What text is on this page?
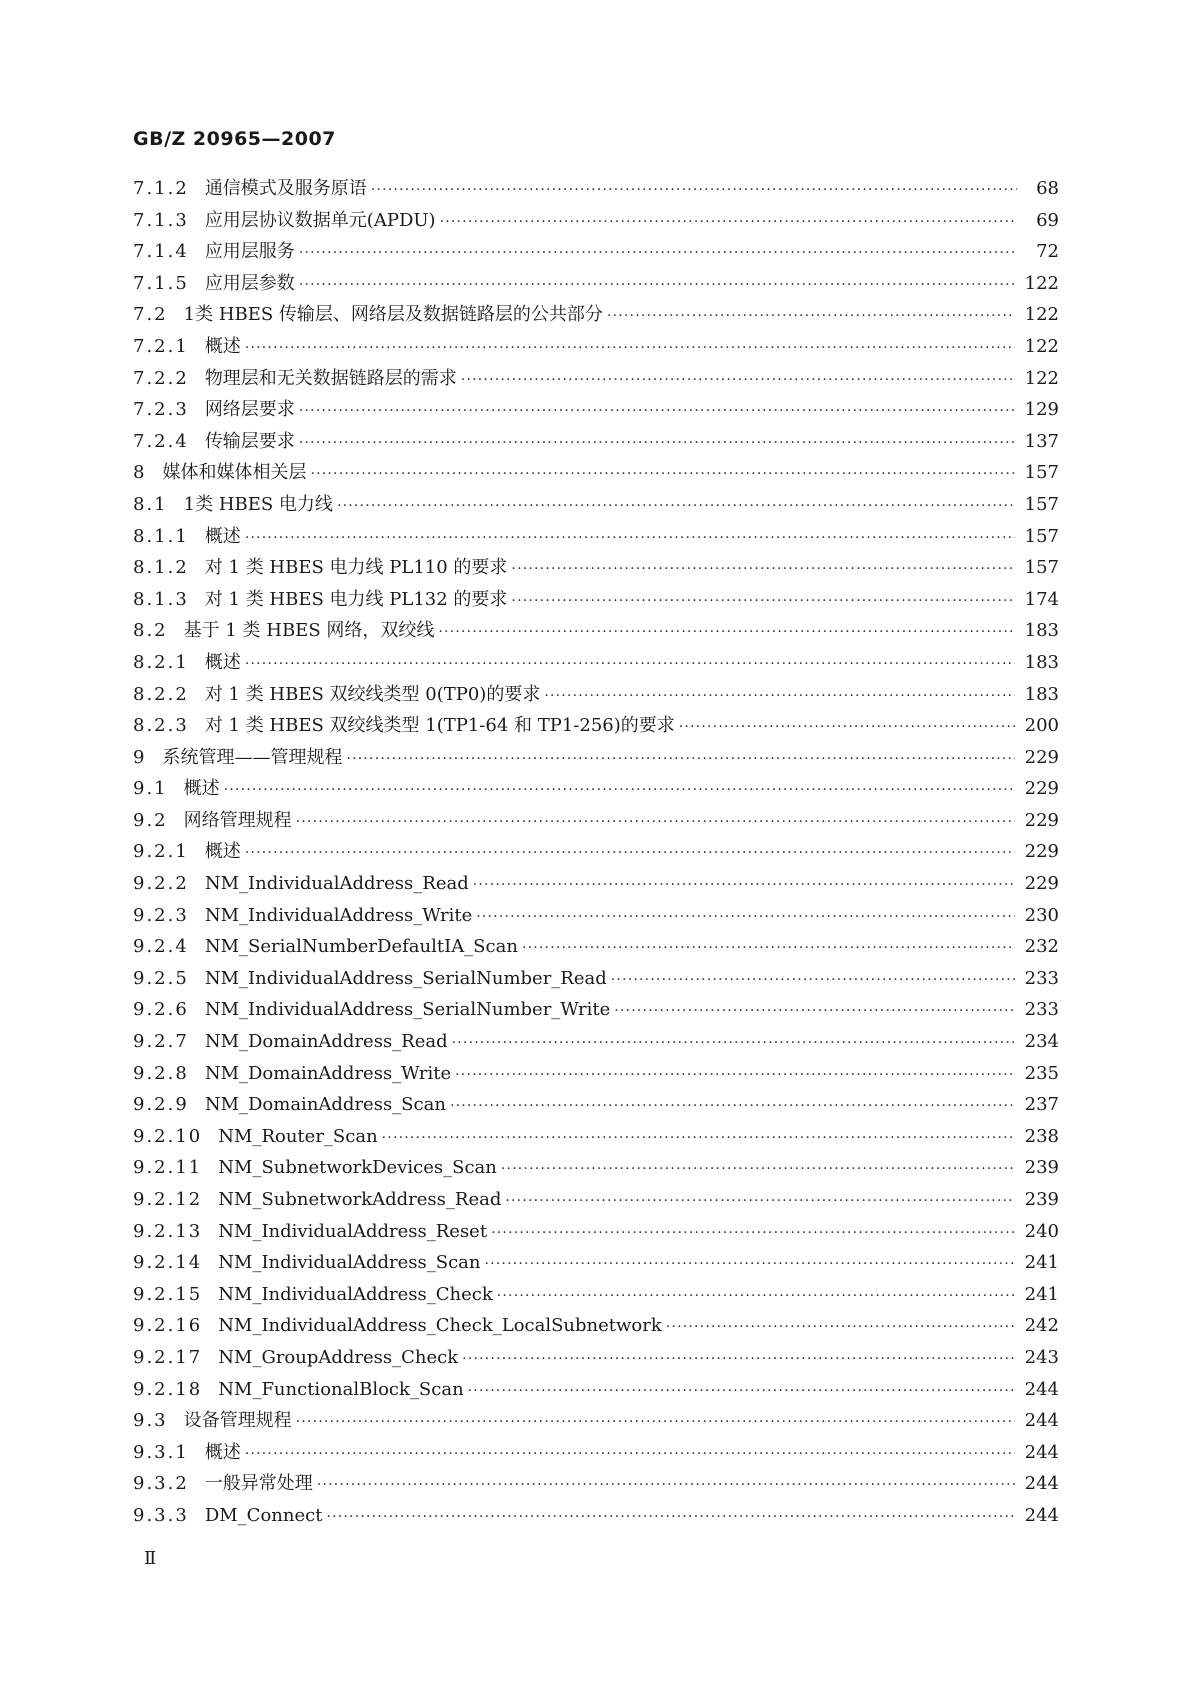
GB/Z 20965—2007
7.1.2 通信模式及服务原语 ·····	68
7.1.3 应用层协议数据单元(APDU) ·····	69
7.1.4 应用层服务 ·····	72
7.1.5 应用层参数 ·····	122
7.2 1类 HBES 传输层、网络层及数据链路层的公共部分 ·····	122
7.2.1 概述 ·····	122
7.2.2 物理层和无关数据链路层的需求 ·····	122
7.2.3 网络层要求 ·····	129
7.2.4 传输层要求 ·····	137
8 媒体和媒体相关层 ·····	157
8.1 1类 HBES 电力线 ·····	157
8.1.1 概述 ·····	157
8.1.2 对 1 类 HBES 电力线 PL110 的要求 ·····	157
8.1.3 对 1 类 HBES 电力线 PL132 的要求 ·····	174
8.2 基于 1 类 HBES 网络，双绞线 ·····	183
8.2.1 概述 ·····	183
8.2.2 对 1 类 HBES 双绞线类型 0(TP0)的要求 ·····	183
8.2.3 对 1 类 HBES 双绞线类型 1(TP1-64 和 TP1-256)的要求 ·····	200
9 系统管理——管理规程 ·····	229
9.1 概述 ·····	229
9.2 网络管理规程 ·····	229
9.2.1 概述 ·····	229
9.2.2 NM_IndividualAddress_Read ·····	229
9.2.3 NM_IndividualAddress_Write ·····	230
9.2.4 NM_SerialNumberDefaultIA_Scan ·····	232
9.2.5 NM_IndividualAddress_SerialNumber_Read ·····	233
9.2.6 NM_IndividualAddress_SerialNumber_Write ·····	233
9.2.7 NM_DomainAddress_Read ·····	234
9.2.8 NM_DomainAddress_Write ·····	235
9.2.9 NM_DomainAddress_Scan ·····	237
9.2.10 NM_Router_Scan ·····	238
9.2.11 NM_SubnetworkDevices_Scan ·····	239
9.2.12 NM_SubnetworkAddress_Read ·····	239
9.2.13 NM_IndividualAddress_Reset ·····	240
9.2.14 NM_IndividualAddress_Scan ·····	241
9.2.15 NM_IndividualAddress_Check ·····	241
9.2.16 NM_IndividualAddress_Check_LocalSubnetwork ·····	242
9.2.17 NM_GroupAddress_Check ·····	243
9.2.18 NM_FunctionalBlock_Scan ·····	244
9.3 设备管理规程 ·····	244
9.3.1 概述 ·····	244
9.3.2 一般异常处理 ·····	244
9.3.3 DM_Connect ·····	244
Ⅱ
